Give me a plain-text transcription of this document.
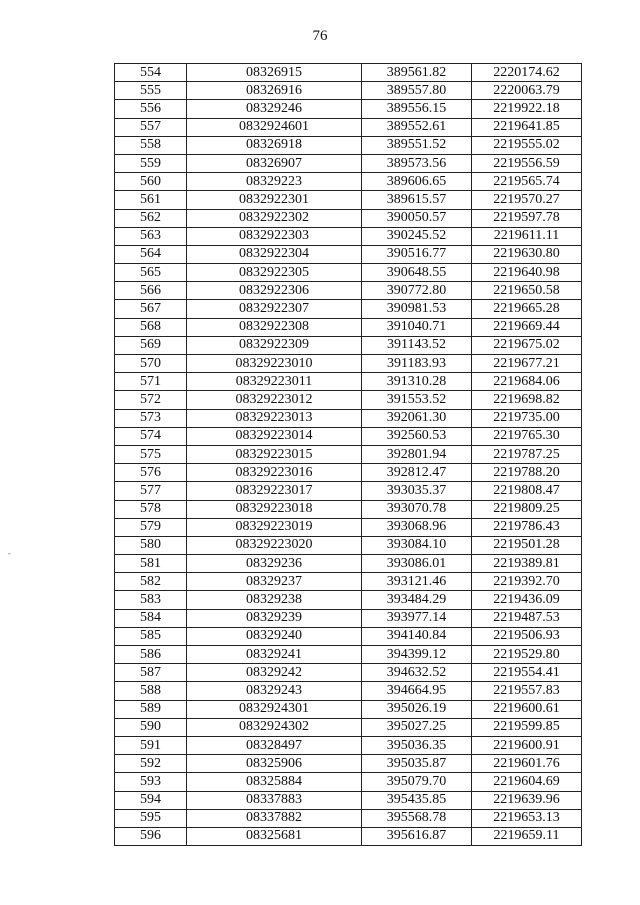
76
-
554	08326915	389561.82	2220174.62
555	08326916	389557.80	2220063.79
556	08329246	389556.15	2219922.18
557	0832924601	389552.61	2219641.85
558	08326918	389551.52	2219555.02
559	08326907	389573.56	2219556.59
560	08329223	389606.65	2219565.74
561	0832922301	389615.57	2219570.27
562	0832922302	390050.57	2219597.78
563	0832922303	390245.52	2219611.11
564	0832922304	390516.77	2219630.80
565	0832922305	390648.55	2219640.98
566	0832922306	390772.80	2219650.58
567	0832922307	390981.53	2219665.28
568	0832922308	391040.71	2219669.44
569	0832922309	391143.52	2219675.02
570	08329223010	391183.93	2219677.21
571	08329223011	391310.28	2219684.06
572	08329223012	391553.52	2219698.82
573	08329223013	392061.30	2219735.00
574	08329223014	392560.53	2219765.30
575	08329223015	392801.94	2219787.25
576	08329223016	392812.47	2219788.20
577	08329223017	393035.37	2219808.47
578	08329223018	393070.78	2219809.25
579	08329223019	393068.96	2219786.43
580	08329223020	393084.10	2219501.28
581	08329236	393086.01	2219389.81
582	08329237	393121.46	2219392.70
583	08329238	393484.29	2219436.09
584	08329239	393977.14	2219487.53
585	08329240	394140.84	2219506.93
586	08329241	394399.12	2219529.80
587	08329242	394632.52	2219554.41
588	08329243	394664.95	2219557.83
589	0832924301	395026.19	2219600.61
590	0832924302	395027.25	2219599.85
591	08328497	395036.35	2219600.91
592	08325906	395035.87	2219601.76
593	08325884	395079.70	2219604.69
594	08337883	395435.85	2219639.96
595	08337882	395568.78	2219653.13
596	08325681	395616.87	2219659.11
